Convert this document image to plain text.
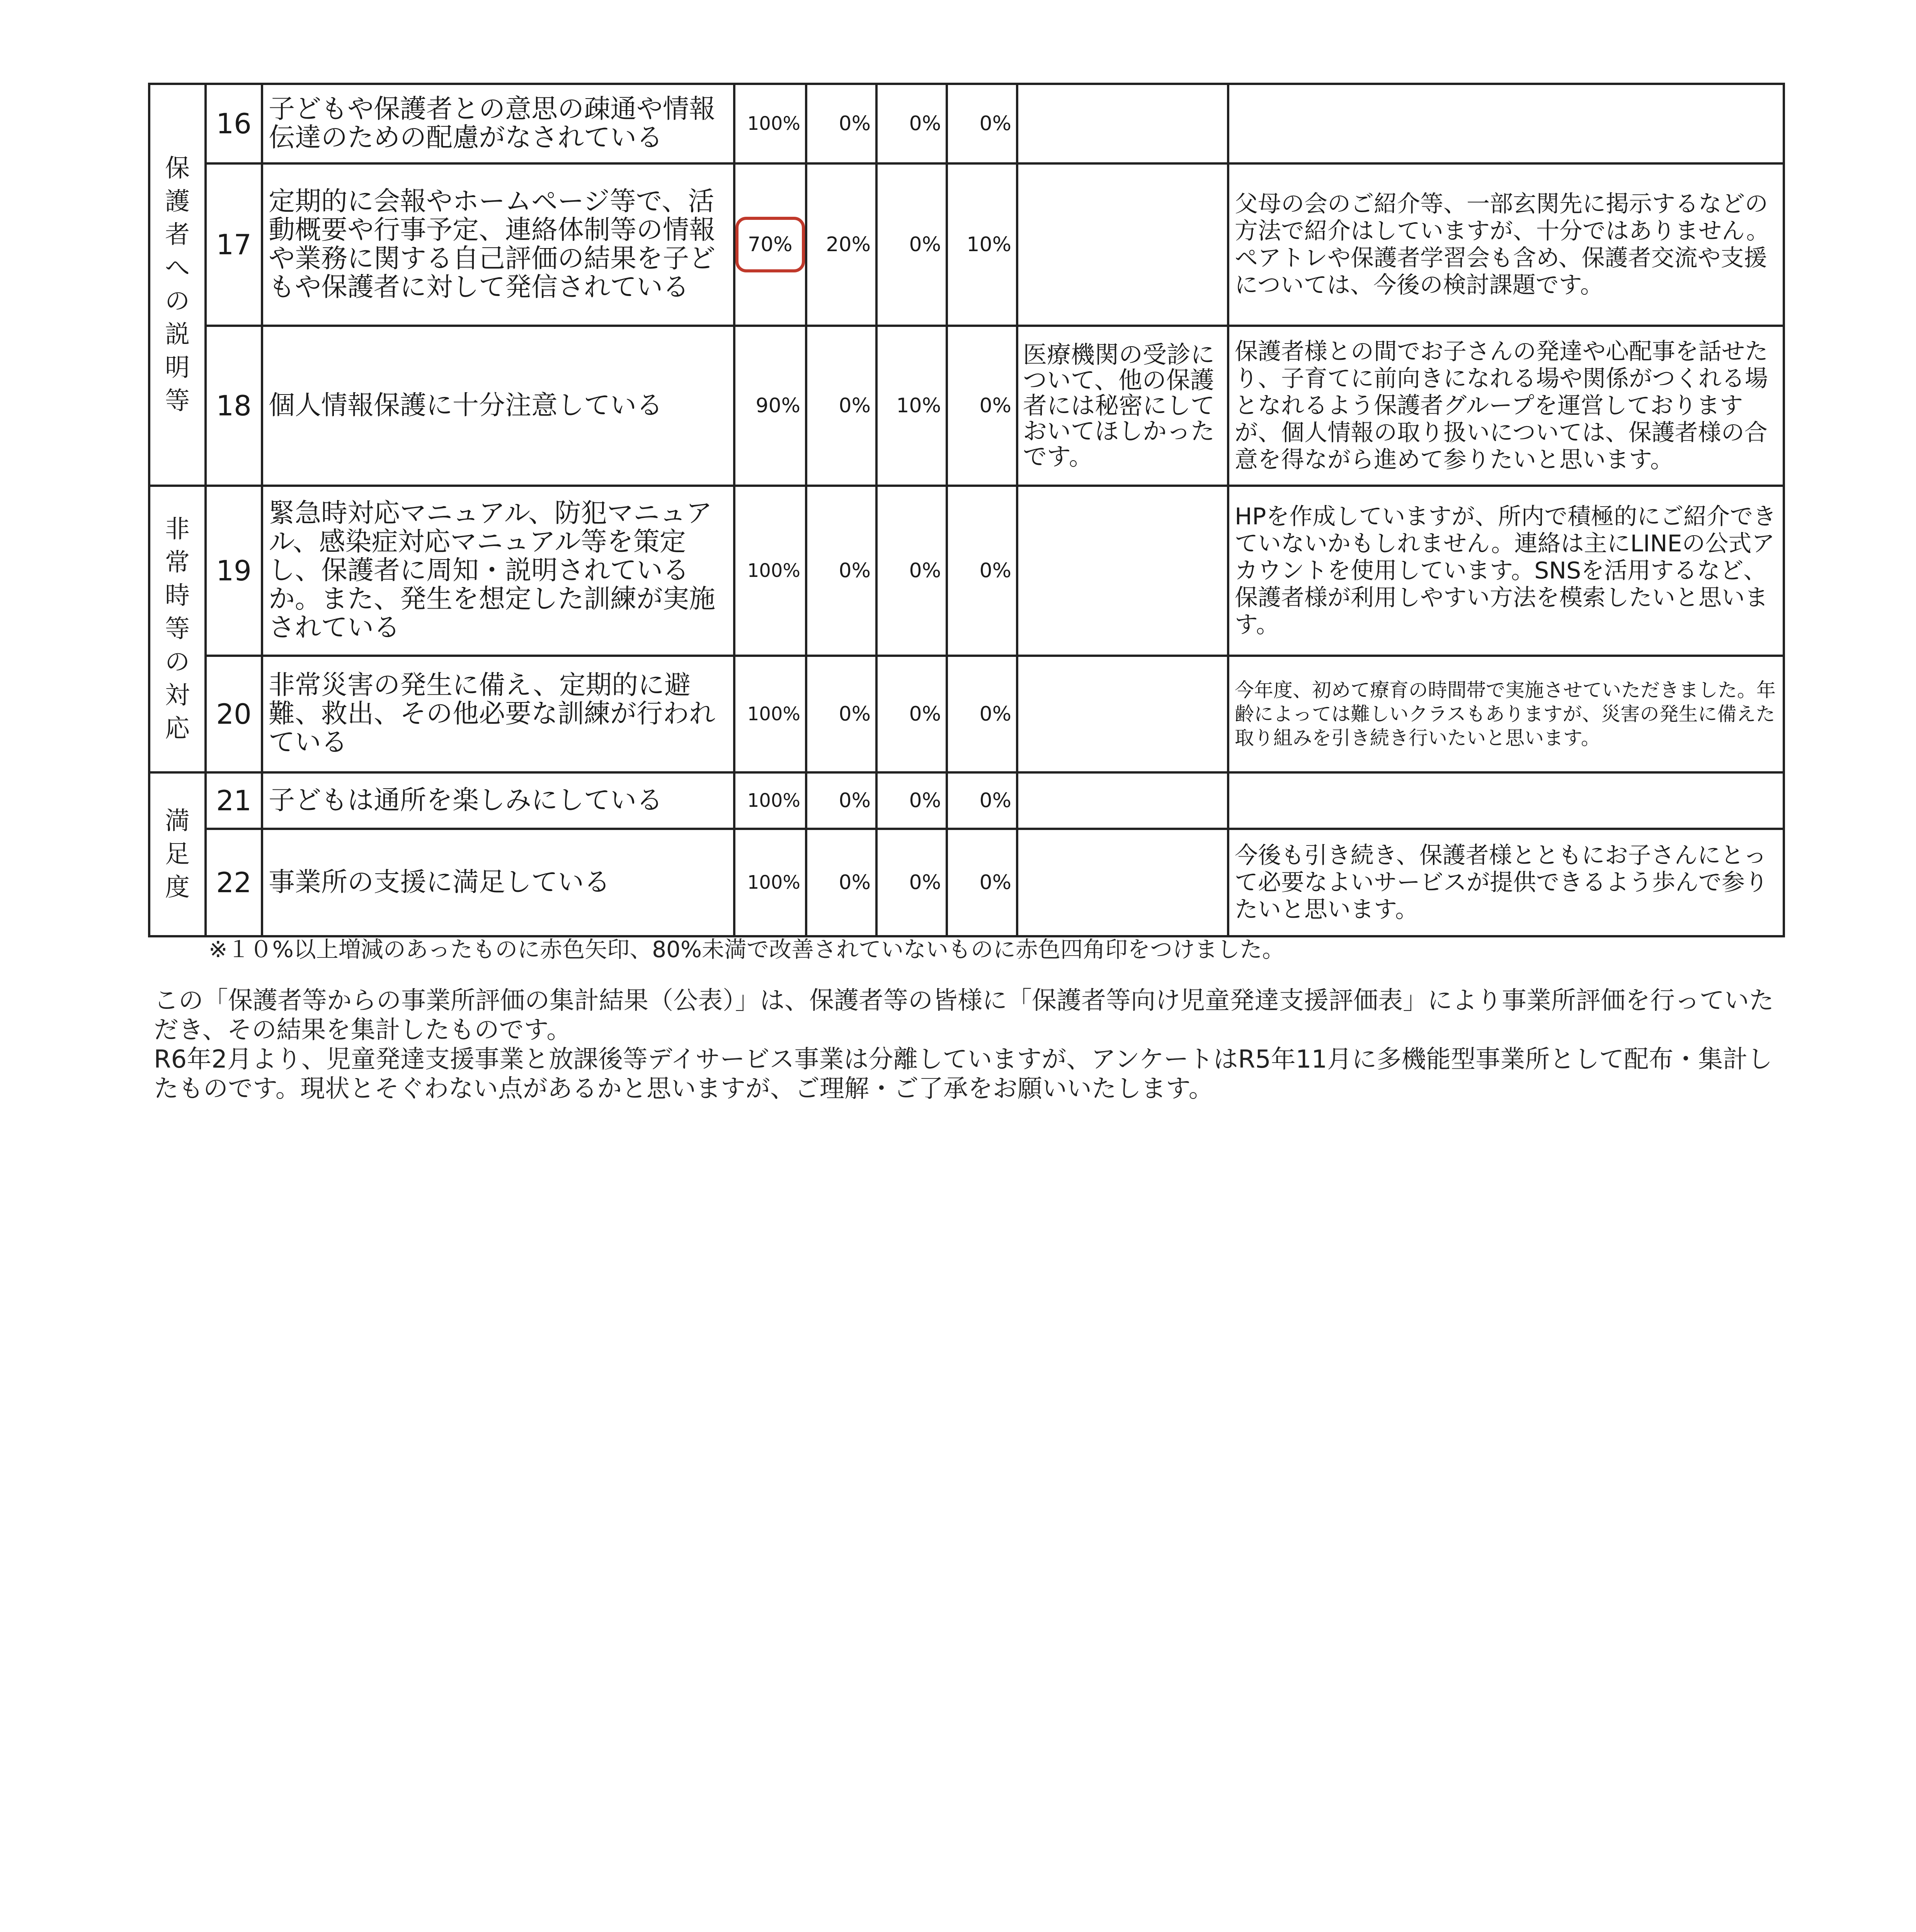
保護者への説明等	16	子どもや保護者との意思の疎通や情報伝達のための配慮がなされている	100%	0%	0%	0%		
	17	定期的に会報やホームページ等で、活動概要や行事予定、連絡体制等の情報や業務に関する自己評価の結果を子どもや保護者に対して発信されている	70%	20%	0%	10%		父母の会のご紹介等、一部玄関先に掲示するなどの方法で紹介はしていますが、十分ではありません。ペアトレや保護者学習会も含め、保護者交流や支援については、今後の検討課題です。
	18	個人情報保護に十分注意している	90%	0%	10%	0%	医療機関の受診について、他の保護者には秘密にしておいてほしかったです。	保護者様との間でお子さんの発達や心配事を話せたり、子育てに前向きになれる場や関係がつくれる場となれるよう保護者グループを運営しておりますが、個人情報の取り扱いについては、保護者様の合意を得ながら進めて参りたいと思います。
非常時等の対応	19	緊急時対応マニュアル、防犯マニュアル、感染症対応マニュアル等を策定し、保護者に周知・説明されているか。また、発生を想定した訓練が実施されている	100%	0%	0%	0%		HPを作成していますが、所内で積極的にご紹介できていないかもしれません。連絡は主にLINEの公式アカウントを使用しています。SNSを活用するなど、保護者様が利用しやすい方法を模索したいと思います。
	20	非常災害の発生に備え、定期的に避難、救出、その他必要な訓練が行われている	100%	0%	0%	0%		今年度、初めて療育の時間帯で実施させていただきました。年齢によっては難しいクラスもありますが、災害の発生に備えた取り組みを引き続き行いたいと思います。
満足度	21	子どもは通所を楽しみにしている	100%	0%	0%	0%		
	22	事業所の支援に満足している	100%	0%	0%	0%		今後も引き続き、保護者様とともにお子さんにとって必要なよいサービスが提供できるよう歩んで参りたいと思います。
※１０%以上増減のあったものに赤色矢印、80%未満で改善されていないものに赤色四角印をつけました。

この「保護者等からの事業所評価の集計結果（公表）」は、保護者等の皆様に「保護者等向け児童発達支援評価表」により事業所評価を行っていただき、その結果を集計したものです。

R6年2月より、児童発達支援事業と放課後等デイサービス事業は分離していますが、アンケートはR5年11月に多機能型事業所として配布・集計したものです。現状とそぐわない点があるかと思いますが、ご理解・ご了承をお願いいたします。
